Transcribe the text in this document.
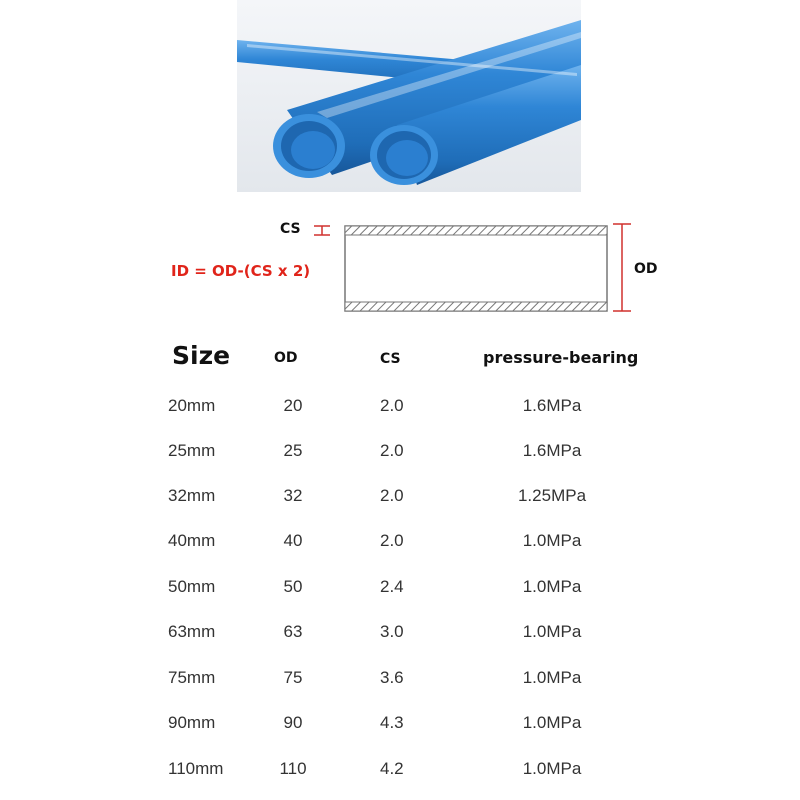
CS
OD
ID = OD-(CS x 2)
Size	OD	CS	pressure-bearing
20mm	20	2.0	1.6MPa
25mm	25	2.0	1.6MPa
32mm	32	2.0	1.25MPa
40mm	40	2.0	1.0MPa
50mm	50	2.4	1.0MPa
63mm	63	3.0	1.0MPa
75mm	75	3.6	1.0MPa
90mm	90	4.3	1.0MPa
110mm	110	4.2	1.0MPa
